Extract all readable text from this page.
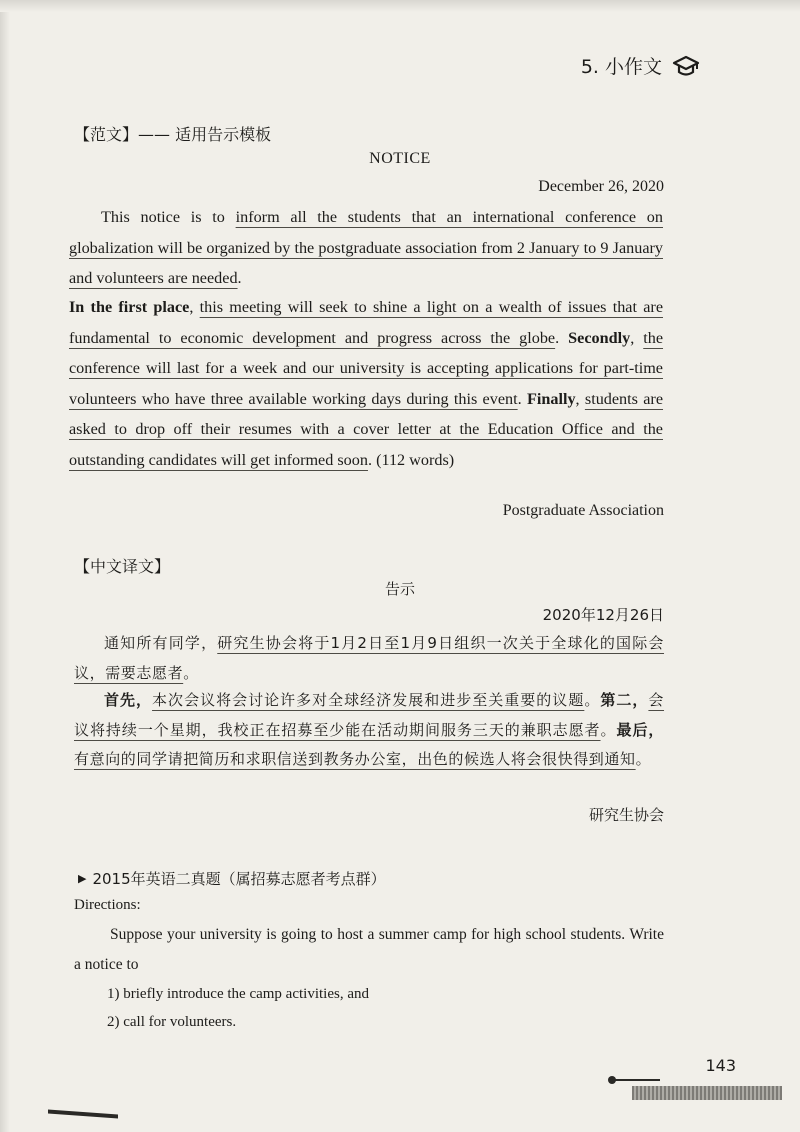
5. 小作文
【范文】—— 适用告示模板
NOTICE
December 26, 2020
This notice is to inform all the students that an international conference on globalization will be organized by the postgraduate association from 2 January to 9 January and volunteers are needed.
In the first place, this meeting will seek to shine a light on a wealth of issues that are fundamental to economic development and progress across the globe. Secondly, the conference will last for a week and our university is accepting applications for part-time volunteers who have three available working days during this event. Finally, students are asked to drop off their resumes with a cover letter at the Education Office and the outstanding candidates will get informed soon. (112 words)
Postgraduate Association
【中文译文】
告示
2020年12月26日
通知所有同学，研究生协会将于1月2日至1月9日组织一次关于全球化的国际会议，需要志愿者。
首先，本次会议将会讨论许多对全球经济发展和进步至关重要的议题。第二，会议将持续一个星期，我校正在招募至少能在活动期间服务三天的兼职志愿者。最后，有意向的同学请把简历和求职信送到教务办公室，出色的候选人将会很快得到通知。
研究生协会
▶ 2015年英语二真题（属招募志愿者考点群）
Directions:
Suppose your university is going to host a summer camp for high school students. Write a notice to
1) briefly introduce the camp activities, and
2) call for volunteers.
143
